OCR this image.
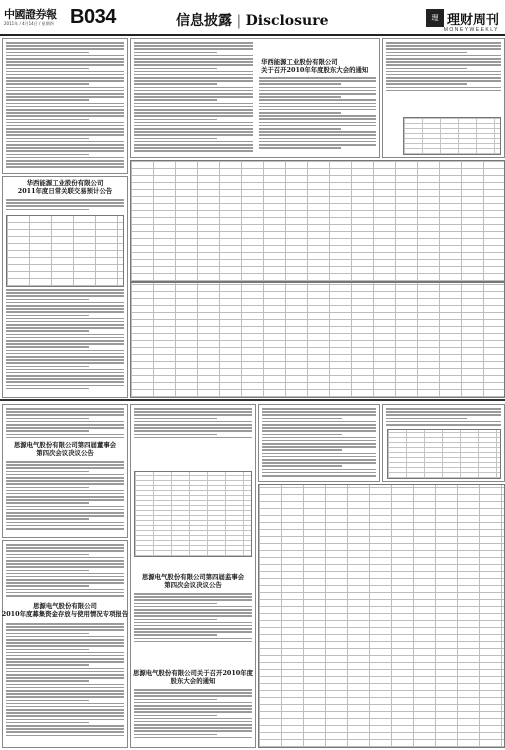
中國證券報
2011年 / 4月14日 / 星期四 B034	信息披露 | Disclosure	理 理财周刊
MONEYWEEKLY
华西能源工业股份有限公司
关于召开2010年年度股东大会的通知
华西能源工业股份有限公司
2011年度日常关联交易预计公告
思源电气股份有限公司第四届董事会
第四次会议决议公告
思源电气股份有限公司
2010年度募集资金存放与使用情况专项报告
思源电气股份有限公司第四届监事会
第四次会议决议公告
思源电气股份有限公司关于召开2010年度
股东大会的通知
